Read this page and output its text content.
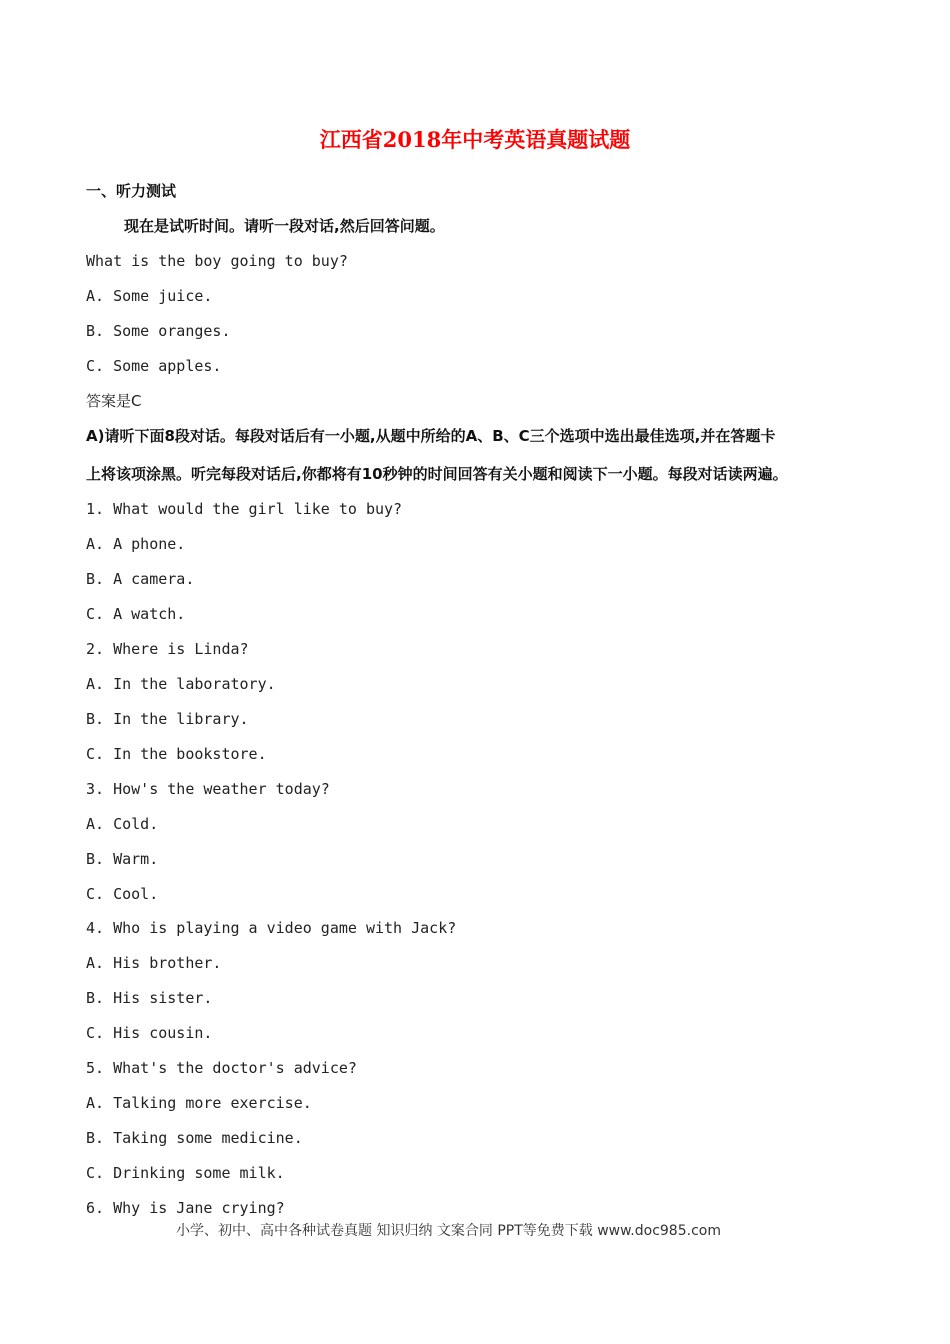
江西省2018年中考英语真题试题
一、听力测试
现在是试听时间。请听一段对话,然后回答问题。
What is the boy going to buy?
A. Some juice.
B. Some oranges.
C. Some apples.
答案是C
A)请听下面8段对话。每段对话后有一小题,从题中所给的A、B、C三个选项中选出最佳选项,并在答题卡
上将该项涂黑。听完每段对话后,你都将有10秒钟的时间回答有关小题和阅读下一小题。每段对话读两遍。
1. What would the girl like to buy?
A. A phone.
B. A camera.
C. A watch.
2. Where is Linda?
A. In the laboratory.
B. In the library.
C. In the bookstore.
3. How's the weather today?
A. Cold.
B. Warm.
C. Cool.
4. Who is playing a video game with Jack?
A. His brother.
B. His sister.
C. His cousin.
5. What's the doctor's advice?
A. Talking more exercise.
B. Taking some medicine.
C. Drinking some milk.
6. Why is Jane crying?
小学、初中、高中各种试卷真题 知识归纳 文案合同 PPT等免费下载 www.doc985.com
